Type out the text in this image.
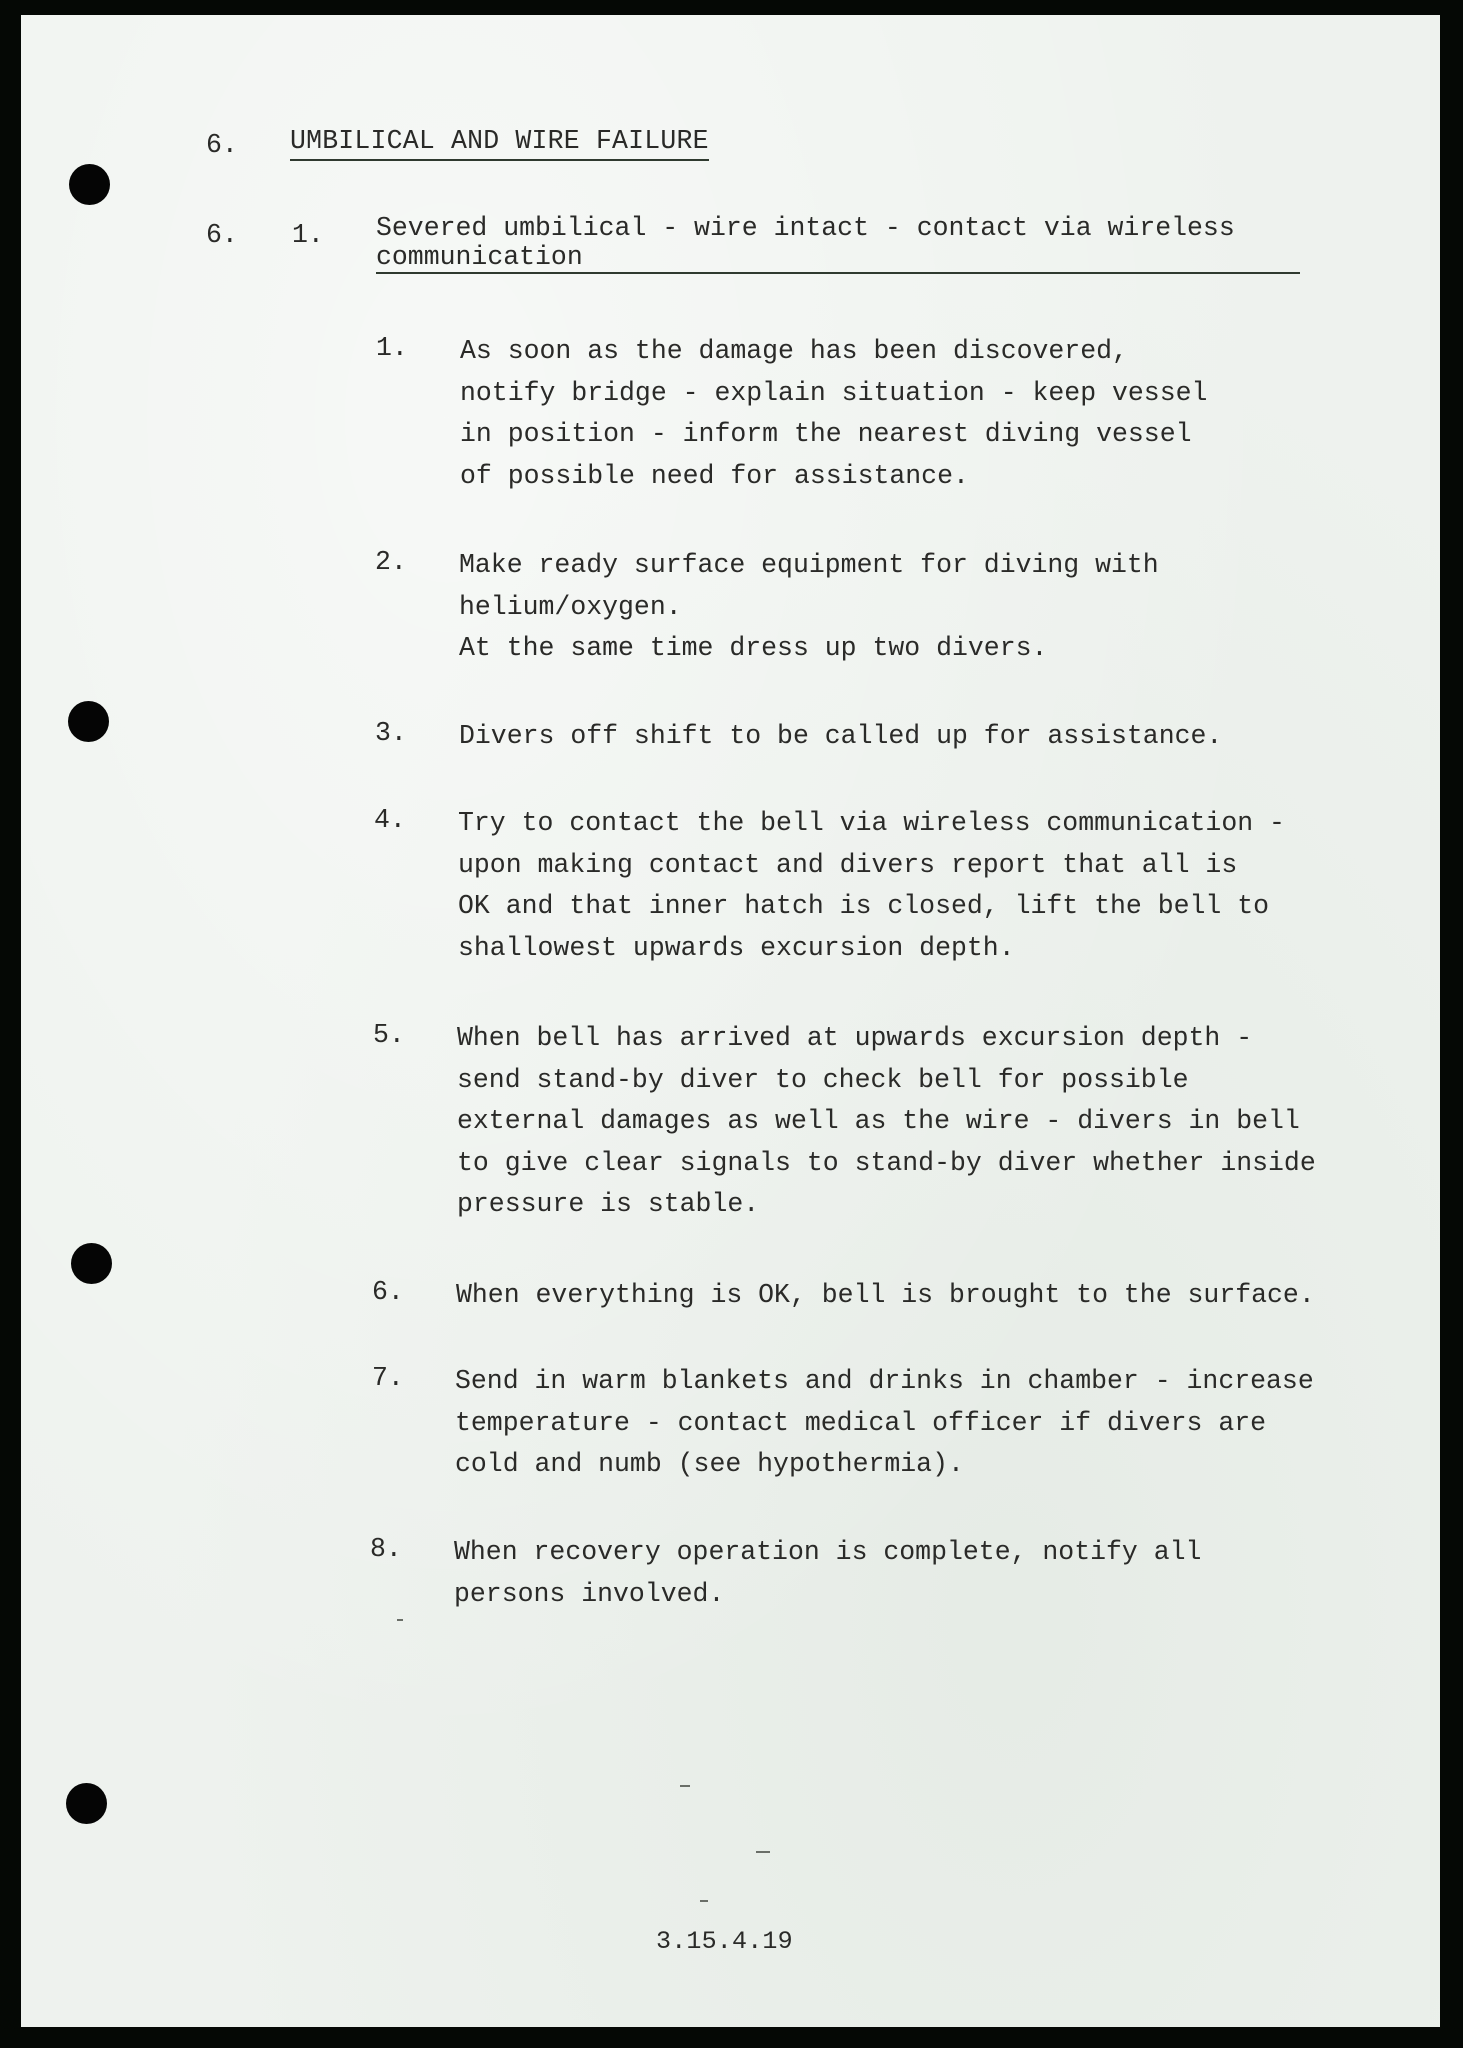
6. UMBILICAL AND WIRE FAILURE
6. 1. Severed umbilical - wire intact - contact via wireless
communication
1. As soon as the damage has been discovered,
notify bridge - explain situation - keep vessel
in position - inform the nearest diving vessel
of possible need for assistance.
2. Make ready surface equipment for diving with
helium/oxygen.
At the same time dress up two divers.
3. Divers off shift to be called up for assistance.
4. Try to contact the bell via wireless communication -
upon making contact and divers report that all is
OK and that inner hatch is closed, lift the bell to
shallowest upwards excursion depth.
5. When bell has arrived at upwards excursion depth -
send stand-by diver to check bell for possible
external damages as well as the wire - divers in bell
to give clear signals to stand-by diver whether inside
pressure is stable.
6. When everything is OK, bell is brought to the surface.
7. Send in warm blankets and drinks in chamber - increase
temperature - contact medical officer if divers are
cold and numb (see hypothermia).
8. When recovery operation is complete, notify all
persons involved.
3.15.4.19
